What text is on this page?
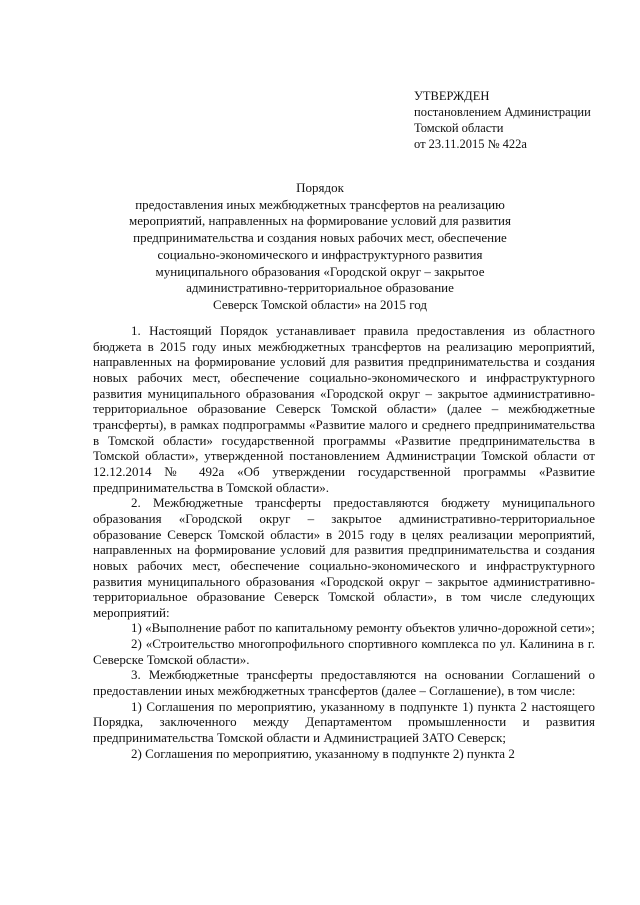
УТВЕРЖДЕН
постановлением Администрации
Томской области
от 23.11.2015 № 422а
Порядок
предоставления иных межбюджетных трансфертов на реализацию
мероприятий, направленных на формирование условий для развития
предпринимательства и создания новых рабочих мест, обеспечение
социально-экономического и инфраструктурного развития
муниципального образования «Городской округ – закрытое
административно-территориальное образование
Северск Томской области» на 2015 год

1. Настоящий Порядок устанавливает правила предоставления из областного бюджета в 2015 году иных межбюджетных трансфертов на реализацию мероприятий, направленных на формирование условий для развития предпринимательства и создания новых рабочих мест, обеспечение социально-экономического и инфраструктурного развития муниципального образования «Городской округ – закрытое административно-территориальное образование Северск Томской области» (далее – межбюджетные трансферты), в рамках подпрограммы «Развитие малого и среднего предпринимательства в Томской области» государственной программы «Развитие предпринимательства в Томской области», утвержденной постановлением Администрации Томской области от 12.12.2014 № 492а «Об утверждении государственной программы «Развитие предпринимательства в Томской области».

2. Межбюджетные трансферты предоставляются бюджету муниципального образования «Городской округ – закрытое административно-территориальное образование Северск Томской области» в 2015 году в целях реализации мероприятий, направленных на формирование условий для развития предпринимательства и создания новых рабочих мест, обеспечение социально-экономического и инфраструктурного развития муниципального образования «Городской округ – закрытое административно-территориальное образование Северск Томской области», в том числе следующих мероприятий:

1) «Выполнение работ по капитальному ремонту объектов улично-дорожной сети»;

2) «Строительство многопрофильного спортивного комплекса по ул. Калинина в г. Северске Томской области».

3. Межбюджетные трансферты предоставляются на основании Соглашений о предоставлении иных межбюджетных трансфертов (далее – Соглашение), в том числе:

1) Соглашения по мероприятию, указанному в подпункте 1) пункта 2 настоящего Порядка, заключенного между Департаментом промышленности и развития предпринимательства Томской области и Администрацией ЗАТО Северск;

2) Соглашения по мероприятию, указанному в подпункте 2) пункта 2
